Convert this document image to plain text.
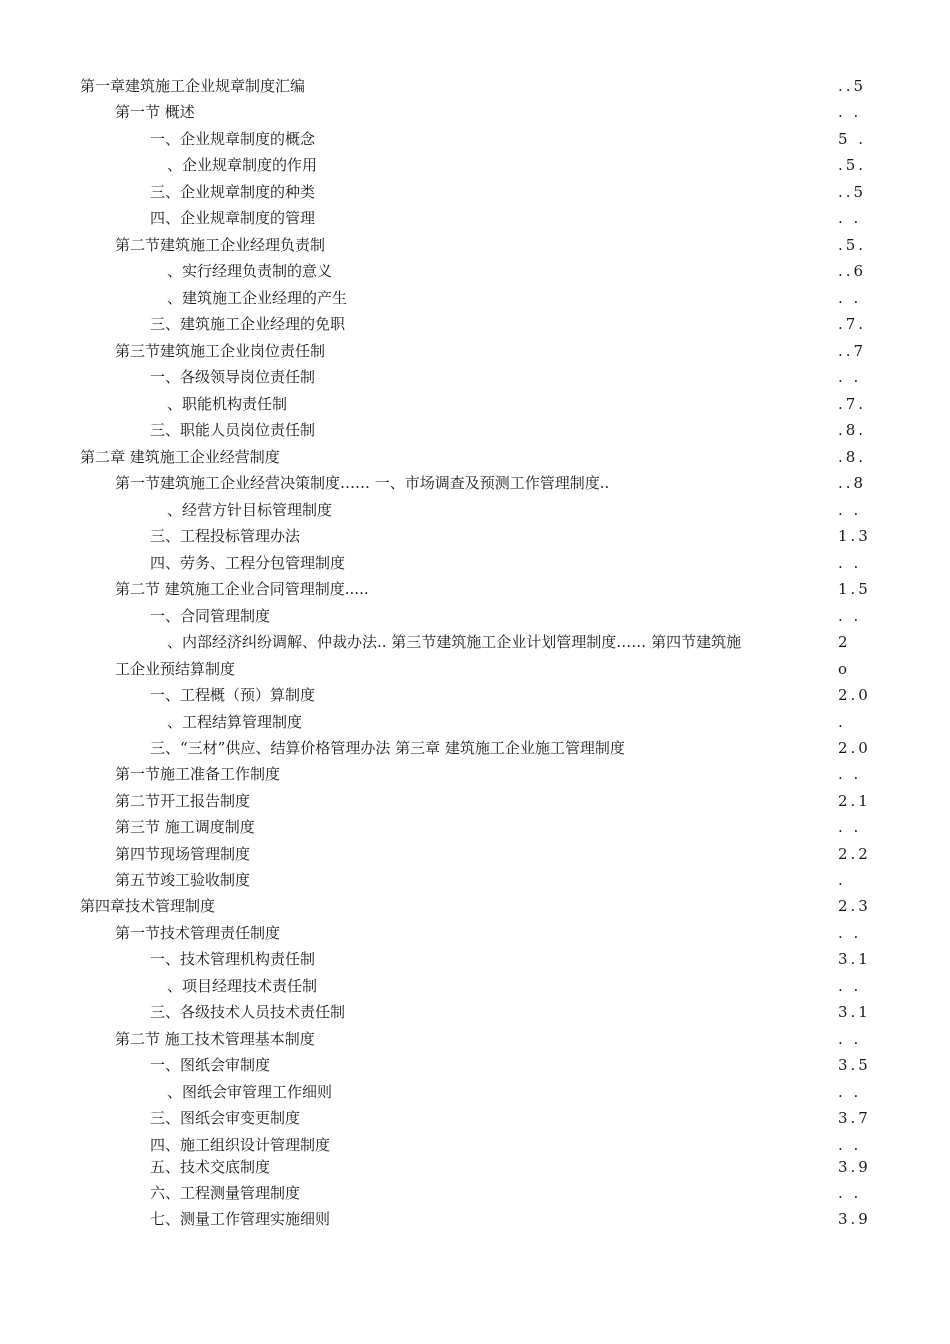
第一章建筑施工企业规章制度汇编	..5
第一节 概述	. .
一、企业规章制度的概念	5 .
、企业规章制度的作用	.5.
三、企业规章制度的种类	..5
四、企业规章制度的管理	. .
第二节建筑施工企业经理负责制	.5.
、实行经理负责制的意义	..6
、建筑施工企业经理的产生	. .
三、建筑施工企业经理的免职	.7.
第三节建筑施工企业岗位责任制	..7
一、各级领导岗位责任制	. .
、职能机构责任制	.7.
三、职能人员岗位责任制	.8.
第二章 建筑施工企业经营制度	.8.
第一节建筑施工企业经营决策制度…… 一、市场调查及预测工作管理制度..	..8
、经营方针目标管理制度	. .
三、工程投标管理办法	1.3
四、劳务、工程分包管理制度	. .
第二节 建筑施工企业合同管理制度.....	1.5
一、合同管理制度	. .
、内部经济纠纷调解、仲裁办法.. 第三节建筑施工企业计划管理制度…… 第四节建筑施	2
工企业预结算制度	o
一、工程概（预）算制度	2.0
、工程结算管理制度	.
三、“三材”供应、结算价格管理办法 第三章 建筑施工企业施工管理制度	2.0
第一节施工准备工作制度	. .
第二节开工报告制度	2.1
第三节 施工调度制度	. .
第四节现场管理制度	2.2
第五节竣工验收制度	.
第四章技术管理制度	2.3
第一节技术管理责任制度	. .
一、技术管理机构责任制	3.1
、项目经理技术责任制	. .
三、各级技术人员技术责任制	3.1
第二节 施工技术管理基本制度	. .
一、图纸会审制度	3.5
、图纸会审管理工作细则	. .
三、图纸会审变更制度	3.7
四、施工组织设计管理制度	. .
五、技术交底制度	3.9
六、工程测量管理制度	. .
七、测量工作管理实施细则	3.9
